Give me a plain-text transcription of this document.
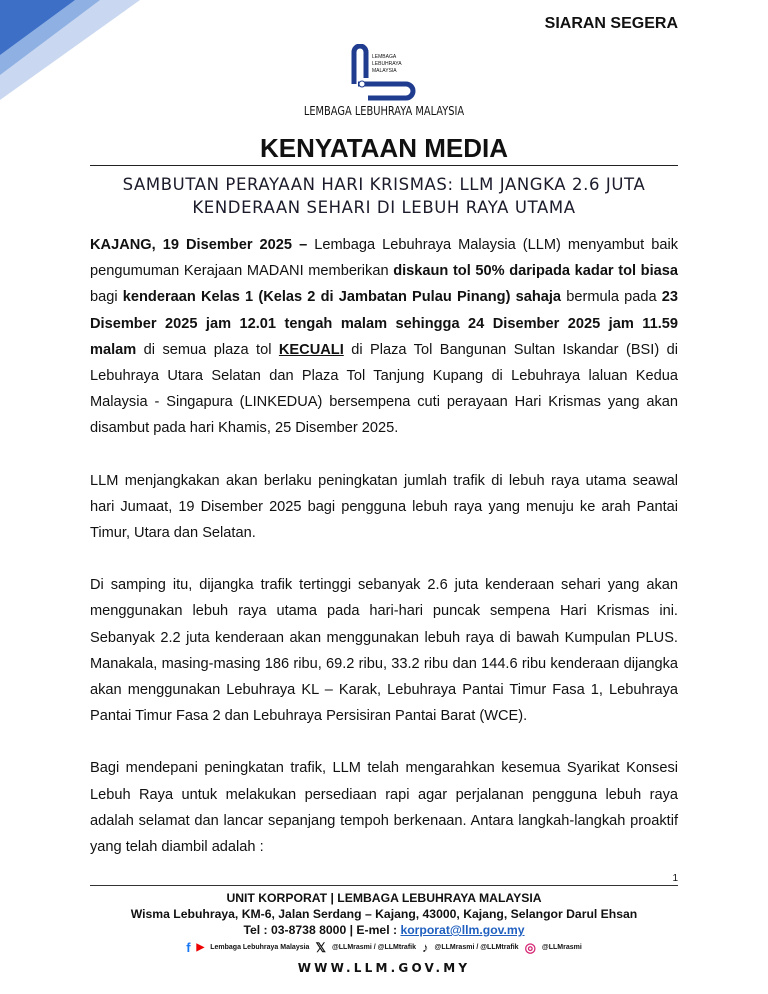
SIARAN SEGERA
LEMBAGA
LEBUHRAYA
MALAYSIA
LEMBAGA LEBUHRAYA MALAYSIA
KENYATAAN MEDIA
SAMBUTAN PERAYAAN HARI KRISMAS: LLM JANGKA 2.6 JUTA
KENDERAAN SEHARI DI LEBUH RAYA UTAMA

KAJANG, 19 Disember 2025 – Lembaga Lebuhraya Malaysia (LLM) menyambut baik pengumuman Kerajaan MADANI memberikan diskaun tol 50% daripada kadar tol biasa bagi kenderaan Kelas 1 (Kelas 2 di Jambatan Pulau Pinang) sahaja bermula pada 23 Disember 2025 jam 12.01 tengah malam sehingga 24 Disember 2025 jam 11.59 malam di semua plaza tol KECUALI di Plaza Tol Bangunan Sultan Iskandar (BSI) di Lebuhraya Utara Selatan dan Plaza Tol Tanjung Kupang di Lebuhraya laluan Kedua Malaysia - Singapura (LINKEDUA) bersempena cuti perayaan Hari Krismas yang akan disambut pada hari Khamis, 25 Disember 2025.

LLM menjangkakan akan berlaku peningkatan jumlah trafik di lebuh raya utama seawal hari Jumaat, 19 Disember 2025 bagi pengguna lebuh raya yang menuju ke arah Pantai Timur, Utara dan Selatan.

Di samping itu, dijangka trafik tertinggi sebanyak 2.6 juta kenderaan sehari yang akan menggunakan lebuh raya utama pada hari-hari puncak sempena Hari Krismas ini. Sebanyak 2.2 juta kenderaan akan menggunakan lebuh raya di bawah Kumpulan PLUS. Manakala, masing-masing 186 ribu, 69.2 ribu, 33.2 ribu dan 144.6 ribu kenderaan dijangka akan menggunakan Lebuhraya KL – Karak, Lebuhraya Pantai Timur Fasa 1, Lebuhraya Pantai Timur Fasa 2 dan Lebuhraya Persisiran Pantai Barat (WCE).

Bagi mendepani peningkatan trafik, LLM telah mengarahkan kesemua Syarikat Konsesi Lebuh Raya untuk melakukan persediaan rapi agar perjalanan pengguna lebuh raya adalah selamat dan lancar sepanjang tempoh berkenaan. Antara langkah-langkah proaktif yang telah diambil adalah :

1
UNIT KORPORAT | LEMBAGA LEBUHRAYA MALAYSIA
Wisma Lebuhraya, KM-6, Jalan Serdang – Kajang, 43000, Kajang, Selangor Darul Ehsan
Tel : 03-8738 8000 | E-mel : korporat@llm.gov.my
f ▶ Lembaga Lebuhraya Malaysia 𝕏 @LLMrasmi / @LLMtrafik ♪ @LLMrasmi / @LLMtrafik ◎ @LLMrasmi
WWW.LLM.GOV.MY
